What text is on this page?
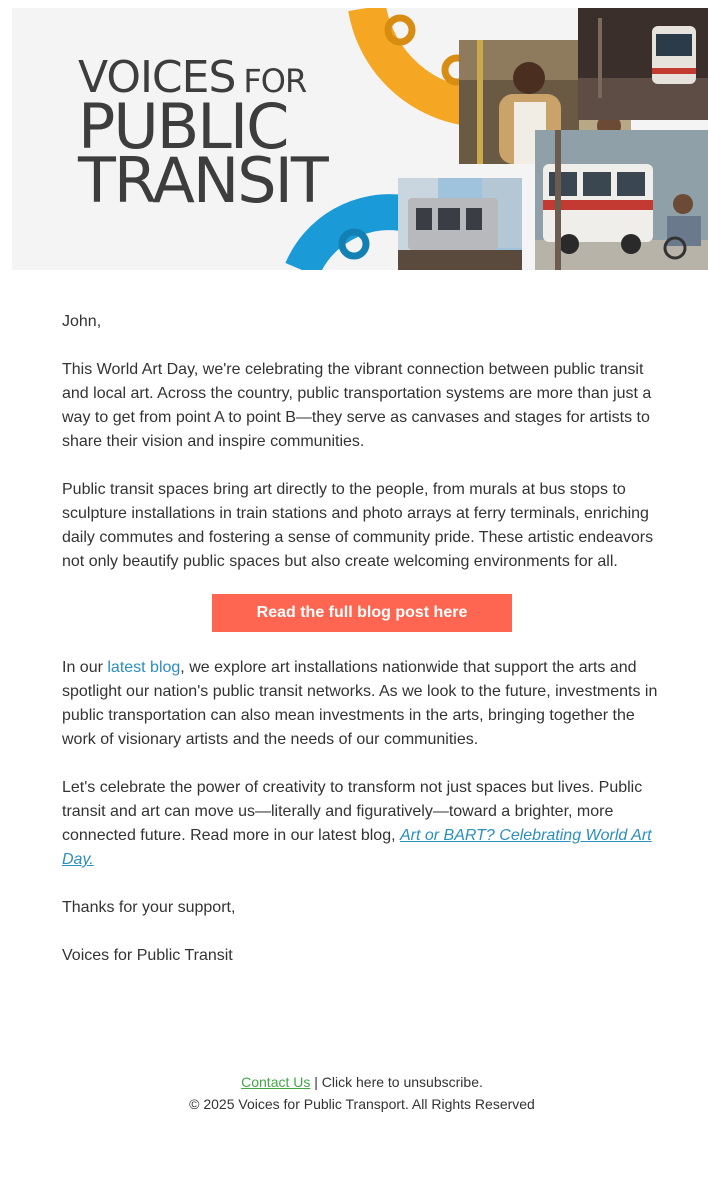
VOICES FOR
PUBLIC
TRANSIT

John,

This World Art Day, we're celebrating the vibrant connection between public transit and local art. Across the country, public transportation systems are more than just a way to get from point A to point B—they serve as canvases and stages for artists to share their vision and inspire communities.

Public transit spaces bring art directly to the people, from murals at bus stops to sculpture installations in train stations and photo arrays at ferry terminals, enriching daily commutes and fostering a sense of community pride. These artistic endeavors not only beautify public spaces but also create welcoming environments for all.

Read the full blog post here

In our latest blog, we explore art installations nationwide that support the arts and spotlight our nation's public transit networks. As we look to the future, investments in public transportation can also mean investments in the arts, bringing together the work of visionary artists and the needs of our communities.

Let's celebrate the power of creativity to transform not just spaces but lives. Public transit and art can move us—literally and figuratively—toward a brighter, more connected future. Read more in our latest blog, Art or BART? Celebrating World Art Day.

Thanks for your support,

Voices for Public Transit

Contact Us | Click here to unsubscribe.
© 2025 Voices for Public Transport. All Rights Reserved
